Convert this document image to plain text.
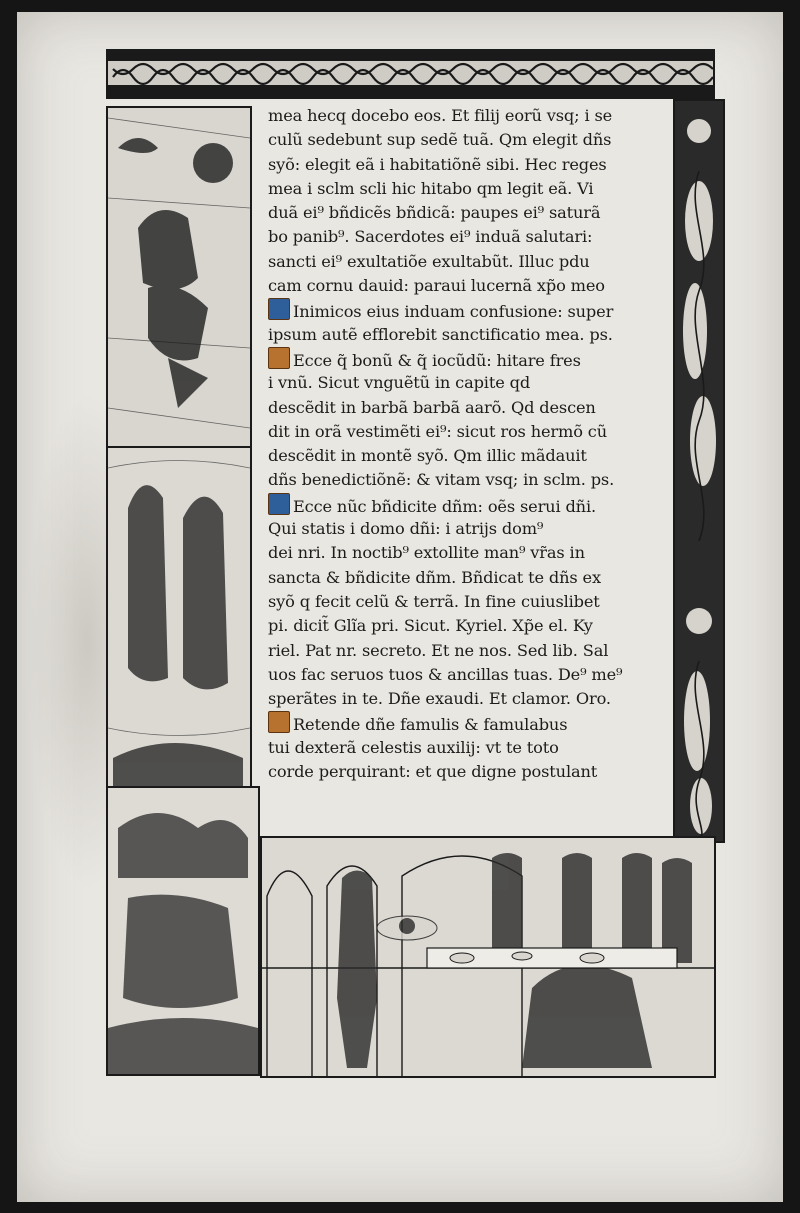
mea hecq docebo eos. Et filij eorũ vsq; i se
culũ sedebunt sup sedẽ tuã. Qm elegit dñs
syõ: elegit eã i habitatiõnẽ sibi. Hec reges
mea i sclm scli hic hitabo qm legit eã. Vi
duã ei⁹ bñdicẽs bñdicã: paupes ei⁹ saturã
bo panib⁹. Sacerdotes ei⁹ induã salutari:
sancti ei⁹ exultatiõe exultabũt. Illuc pdu
cam cornu dauid: paraui lucernã xp̃o meo
Inimicos eius induam confusione: super
ipsum autẽ efflorebit sanctificatio mea. ps.
Ecce q̃ bonũ & q̃ iocũdũ: hitare fres
i vnũ. Sicut vnguẽtũ in capite qd
descẽdit in barbã barbã aarõ. Qd descen
dit in orã vestimẽti ei⁹: sicut ros hermõ cũ
descẽdit in montẽ syõ. Qm illic mãdauit
dñs benedictiõnẽ: & vitam vsq; in sclm. ps.
Ecce nũc bñdicite dñm: oẽs serui dñi.
Qui statis i domo dñi: i atrijs dom⁹
dei nri. In noctib⁹ extollite man⁹ vr̃as in
sancta & bñdicite dñm. Bñdicat te dñs ex
syõ q fecit celũ & terrã. In fine cuiuslibet
pi. dicit̃ Glĩa pri. Sicut. Kyriel. Xp̃e el. Ky
riel. Pat nr. secreto. Et ne nos. Sed lib. Sal
uos fac seruos tuos & ancillas tuas. De⁹ me⁹
sperãtes in te. Dñe exaudi. Et clamor. Oro.
Retende dñe famulis & famulabus
tui dexterã celestis auxilij: vt te toto
corde perquirant: et que digne postulant
